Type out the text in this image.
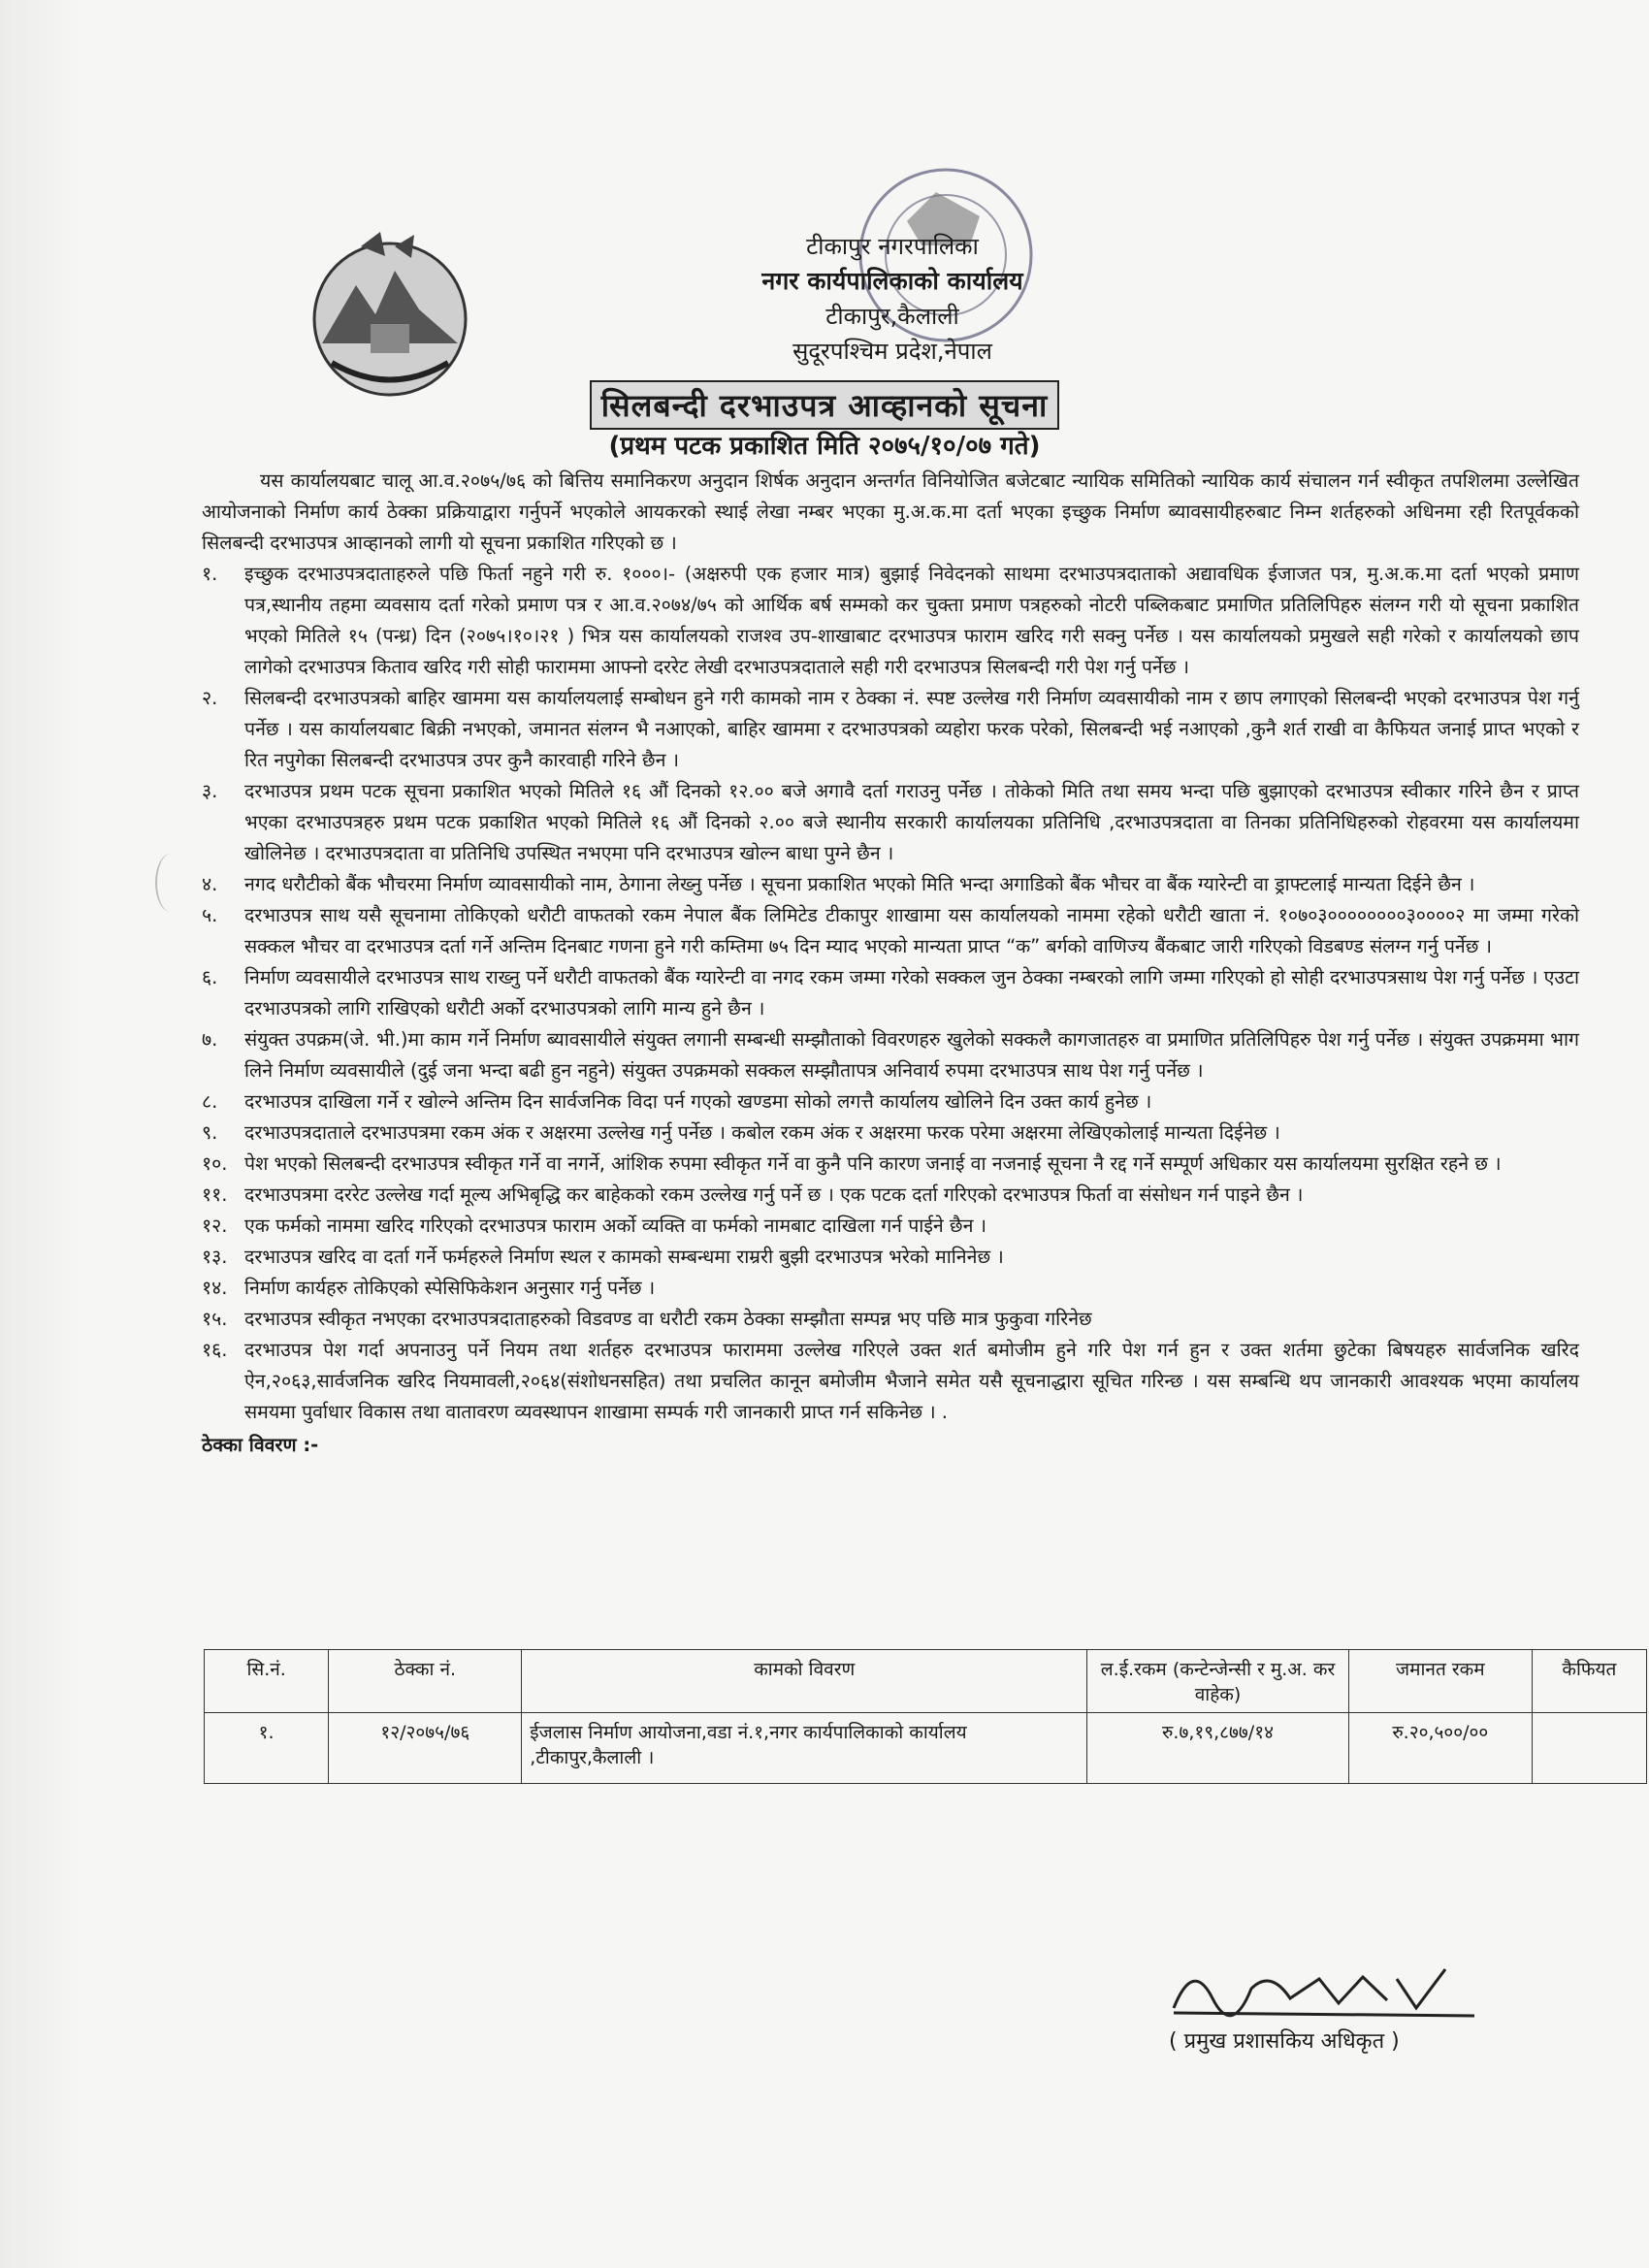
टीकापुर नगरपालिका
नगर कार्यपालिकाको कार्यालय
टीकापुर,कैलाली
सुदूरपश्चिम प्रदेश,नेपाल
सिलबन्दी दरभाउपत्र आव्हानको सूचना
(प्रथम पटक प्रकाशित मिति २०७५/१०/०७ गते)
यस कार्यालयबाट चालू आ.व.२०७५/७६ को बित्तिय समानिकरण अनुदान शिर्षक अनुदान अन्तर्गत विनियोजित बजेटबाट न्यायिक समितिको न्यायिक कार्य संचालन गर्न स्वीकृत तपशिलमा उल्लेखित आयोजनाको निर्माण कार्य ठेक्का प्रक्रियाद्वारा गर्नुपर्ने भएकोले आयकरको स्थाई लेखा नम्बर भएका मु.अ.क.मा दर्ता भएका इच्छुक निर्माण ब्यावसायीहरुबाट निम्न शर्तहरुको अधिनमा रही रितपूर्वकको सिलबन्दी दरभाउपत्र आव्हानको लागी यो सूचना प्रकाशित गरिएको छ ।
१. इच्छुक दरभाउपत्रदाताहरुले पछि फिर्ता नहुने गरी रु. १०००।- (अक्षरुपी एक हजार मात्र) बुझाई निवेदनको साथमा दरभाउपत्रदाताको अद्यावधिक ईजाजत पत्र, मु.अ.क.मा दर्ता भएको प्रमाण पत्र,स्थानीय तहमा व्यवसाय दर्ता गरेको प्रमाण पत्र र आ.व.२०७४/७५ को आर्थिक बर्ष सम्मको कर चुक्ता प्रमाण पत्रहरुको नोटरी पब्लिकबाट प्रमाणित प्रतिलिपिहरु संलग्न गरी यो सूचना प्रकाशित भएको मितिले १५ (पन्ध्र) दिन (२०७५।१०।२१ ) भित्र यस कार्यालयको राजश्व उप-शाखाबाट दरभाउपत्र फाराम खरिद गरी सक्नु पर्नेछ । यस कार्यालयको प्रमुखले सही गरेको र कार्यालयको छाप लागेको दरभाउपत्र किताव खरिद गरी सोही फाराममा आफ्नो दररेट लेखी दरभाउपत्रदाताले सही गरी दरभाउपत्र सिलबन्दी गरी पेश गर्नु पर्नेछ ।
२. सिलबन्दी दरभाउपत्रको बाहिर खाममा यस कार्यालयलाई सम्बोधन हुने गरी कामको नाम र ठेक्का नं. स्पष्ट उल्लेख गरी निर्माण व्यवसायीको नाम र छाप लगाएको सिलबन्दी भएको दरभाउपत्र पेश गर्नु पर्नेछ । यस कार्यालयबाट बिक्री नभएको, जमानत संलग्न भै नआएको, बाहिर खाममा र दरभाउपत्रको व्यहोरा फरक परेको, सिलबन्दी भई नआएको ,कुनै शर्त राखी वा कैफियत जनाई प्राप्त भएको र रित नपुगेका सिलबन्दी दरभाउपत्र उपर कुनै कारवाही गरिने छैन ।
३. दरभाउपत्र प्रथम पटक सूचना प्रकाशित भएको मितिले १६ औं दिनको १२.०० बजे अगावै दर्ता गराउनु पर्नेछ । तोकेको मिति तथा समय भन्दा पछि बुझाएको दरभाउपत्र स्वीकार गरिने छैन र प्राप्त भएका दरभाउपत्रहरु प्रथम पटक प्रकाशित भएको मितिले १६ औं दिनको २.०० बजे स्थानीय सरकारी कार्यालयका प्रतिनिधि ,दरभाउपत्रदाता वा तिनका प्रतिनिधिहरुको रोहवरमा यस कार्यालयमा खोलिनेछ । दरभाउपत्रदाता वा प्रतिनिधि उपस्थित नभएमा पनि दरभाउपत्र खोल्न बाधा पुग्ने छैन ।
४. नगद धरौटीको बैंक भौचरमा निर्माण व्यावसायीको नाम, ठेगाना लेख्नु पर्नेछ । सूचना प्रकाशित भएको मिति भन्दा अगाडिको बैंक भौचर वा बैंक ग्यारेन्टी वा ड्राफ्टलाई मान्यता दिईने छैन ।
५. दरभाउपत्र साथ यसै सूचनामा तोकिएको धरौटी वाफतको रकम नेपाल बैंक लिमिटेड टीकापुर शाखामा यस कार्यालयको नाममा रहेको धरौटी खाता नं. १०७०३००००००००३००००२ मा जम्मा गरेको सक्कल भौचर वा दरभाउपत्र दर्ता गर्ने अन्तिम दिनबाट गणना हुने गरी कम्तिमा ७५ दिन म्याद भएको मान्यता प्राप्त “क” बर्गको वाणिज्य बैंकबाट जारी गरिएको विडबण्ड संलग्न गर्नु पर्नेछ ।
६. निर्माण व्यवसायीले दरभाउपत्र साथ राख्नु पर्ने धरौटी वाफतको बैंक ग्यारेन्टी वा नगद रकम जम्मा गरेको सक्कल जुन ठेक्का नम्बरको लागि जम्मा गरिएको हो सोही दरभाउपत्रसाथ पेश गर्नु पर्नेछ । एउटा दरभाउपत्रको लागि राखिएको धरौटी अर्को दरभाउपत्रको लागि मान्य हुने छैन ।
७. संयुक्त उपक्रम(जे. भी.)मा काम गर्ने निर्माण ब्यावसायीले संयुक्त लगानी सम्बन्धी सम्झौताको विवरणहरु खुलेको सक्कलै कागजातहरु वा प्रमाणित प्रतिलिपिहरु पेश गर्नु पर्नेछ । संयुक्त उपक्रममा भाग लिने निर्माण व्यवसायीले (दुई जना भन्दा बढी हुन नहुने) संयुक्त उपक्रमको सक्कल सम्झौतापत्र अनिवार्य रुपमा दरभाउपत्र साथ पेश गर्नु पर्नेछ ।
८. दरभाउपत्र दाखिला गर्ने र खोल्ने अन्तिम दिन सार्वजनिक विदा पर्न गएको खण्डमा सोको लगत्तै कार्यालय खोलिने दिन उक्त कार्य हुनेछ ।
९. दरभाउपत्रदाताले दरभाउपत्रमा रकम अंक र अक्षरमा उल्लेख गर्नु पर्नेछ । कबोल रकम अंक र अक्षरमा फरक परेमा अक्षरमा लेखिएकोलाई मान्यता दिईनेछ ।
१०. पेश भएको सिलबन्दी दरभाउपत्र स्वीकृत गर्ने वा नगर्ने, आंशिक रुपमा स्वीकृत गर्ने वा कुनै पनि कारण जनाई वा नजनाई सूचना नै रद्द गर्ने सम्पूर्ण अधिकार यस कार्यालयमा सुरक्षित रहने छ ।
११. दरभाउपत्रमा दररेट उल्लेख गर्दा मूल्य अभिबृद्धि कर बाहेकको रकम उल्लेख गर्नु पर्ने छ । एक पटक दर्ता गरिएको दरभाउपत्र फिर्ता वा संसोधन गर्न पाइने छैन ।
१२. एक फर्मको नाममा खरिद गरिएको दरभाउपत्र फाराम अर्को व्यक्ति वा फर्मको नामबाट दाखिला गर्न पाईने छैन ।
१३. दरभाउपत्र खरिद वा दर्ता गर्ने फर्महरुले निर्माण स्थल र कामको सम्बन्धमा राम्ररी बुझी दरभाउपत्र भरेको मानिनेछ ।
१४. निर्माण कार्यहरु तोकिएको स्पेसिफिकेशन अनुसार गर्नु पर्नेछ ।
१५. दरभाउपत्र स्वीकृत नभएका दरभाउपत्रदाताहरुको विडवण्ड वा धरौटी रकम ठेक्का सम्झौता सम्पन्न भए पछि मात्र फुकुवा गरिनेछ
१६. दरभाउपत्र पेश गर्दा अपनाउनु पर्ने नियम तथा शर्तहरु दरभाउपत्र फाराममा उल्लेख गरिएले उक्त शर्त बमोजीम हुने गरि पेश गर्न हुन र उक्त शर्तमा छुटेका बिषयहरु सार्वजनिक खरिद ऐन,२०६३,सार्वजनिक खरिद नियमावली,२०६४(संशोधनसहित) तथा प्रचलित कानून बमोजीम भैजाने समेत यसै सूचनाद्धारा सूचित गरिन्छ । यस सम्बन्धि थप जानकारी आवश्यक भएमा कार्यालय समयमा पुर्वाधार विकास तथा वातावरण व्यवस्थापन शाखामा सम्पर्क गरी जानकारी प्राप्त गर्न सकिनेछ । .
ठेक्का विवरण :-
सि.नं.	ठेक्का नं.	कामको विवरण	ल.ई.रकम (कन्टेन्जेन्सी र मु.अ. कर वाहेक)	जमानत रकम	कैफियत
१.	१२/२०७५/७६	ईजलास निर्माण आयोजना,वडा नं.१,नगर कार्यपालिकाको कार्यालय ,टीकापुर,कैलाली ।	रु.७,१९,८७७/१४	रु.२०,५००/००	
( प्रमुख प्रशासकिय अधिकृत )
